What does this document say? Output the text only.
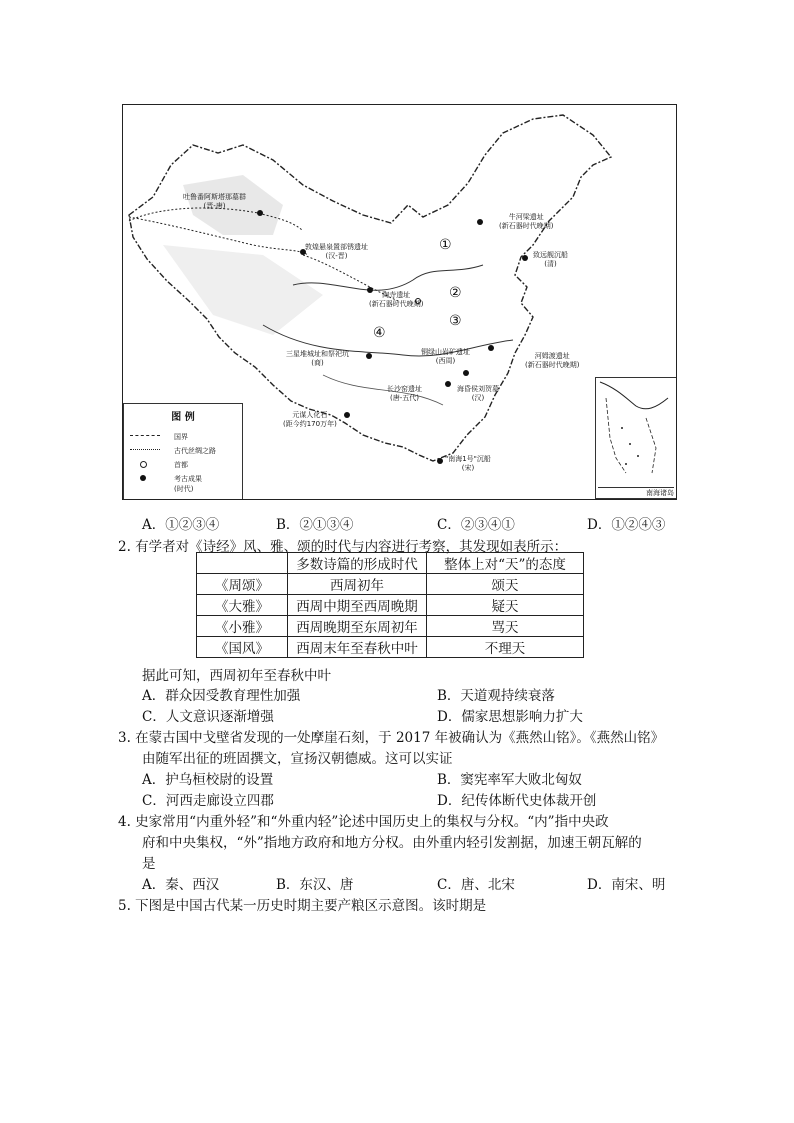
吐鲁番阿斯塔那墓群
(晋-唐)
敦煌悬泉置部锈遗址
(汉-晋)
牛河梁遗址
(新石器时代晚期)
致远舰沉船
(清)
陶寺遗址
(新石器时代晚期)
三星堆城址和祭祀坑
(商)
铜绿山岩矿遗址
(西周)
河姆渡遗址
(新石器时代晚期)
长沙窑遗址
(唐-五代)
海昏侯刘贺墓
(汉)
元谋人化石
(距今约170万年)
"南海1号"沉船
(宋)
①
②
③
④
图 例
国界
古代丝绸之路
首都
考古成果
(时代)	南海诸岛
A．①②③④	B．②①③④	C．②③④①	D．①②④③
2. 有学者对《诗经》风、雅、颂的时代与内容进行考察，其发现如表所示：
	多数诗篇的形成时代	整体上对“天”的态度
《周颂》	西周初年	颂天
《大雅》	西周中期至西周晚期	疑天
《小雅》	西周晚期至东周初年	骂天
《国风》	西周末年至春秋中叶	不理天
据此可知，西周初年至春秋中叶
A．群众因受教育理性加强	B．天道观持续衰落
C．人文意识逐渐增强	D．儒家思想影响力扩大
3. 在蒙古国中戈壁省发现的一处摩崖石刻，于 2017 年被确认为《燕然山铭》。《燕然山铭》
由随军出征的班固撰文，宣扬汉朝德威。这可以实证
A．护乌桓校尉的设置	B．窦宪率军大败北匈奴
C．河西走廊设立四郡	D．纪传体断代史体裁开创
4. 史家常用“内重外轻”和“外重内轻”论述中国历史上的集权与分权。“内”指中央政
府和中央集权，“外”指地方政府和地方分权。由外重内轻引发割据，加速王朝瓦解的
是
A．秦、西汉	B．东汉、唐	C．唐、北宋	D．南宋、明
5. 下图是中国古代某一历史时期主要产粮区示意图。该时期是
